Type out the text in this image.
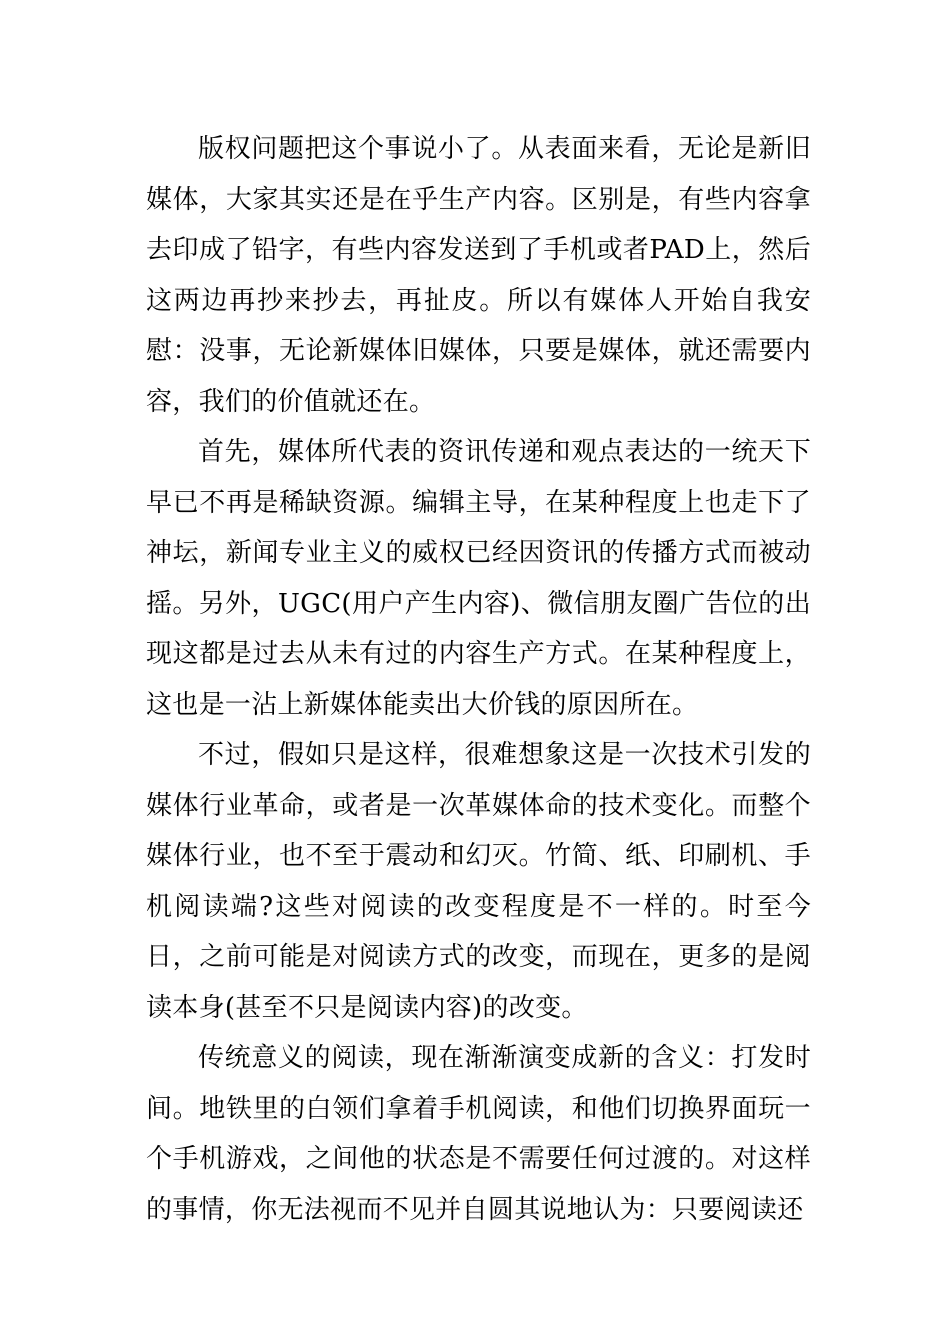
版权问题把这个事说小了。从表面来看，无论是新旧媒体，大家其实还是在乎生产内容。区别是，有些内容拿去印成了铅字，有些内容发送到了手机或者PAD上，然后这两边再抄来抄去，再扯皮。所以有媒体人开始自我安慰：没事，无论新媒体旧媒体，只要是媒体，就还需要内容，我们的价值就还在。

首先，媒体所代表的资讯传递和观点表达的一统天下早已不再是稀缺资源。编辑主导，在某种程度上也走下了神坛，新闻专业主义的威权已经因资讯的传播方式而被动摇。另外，UGC(用户产生内容)、微信朋友圈广告位的出现这都是过去从未有过的内容生产方式。在某种程度上，这也是一沾上新媒体能卖出大价钱的原因所在。

不过，假如只是这样，很难想象这是一次技术引发的媒体行业革命，或者是一次革媒体命的技术变化。而整个媒体行业，也不至于震动和幻灭。竹简、纸、印刷机、手机阅读端?这些对阅读的改变程度是不一样的。时至今日，之前可能是对阅读方式的改变，而现在，更多的是阅读本身(甚至不只是阅读内容)的改变。

传统意义的阅读，现在渐渐演变成新的含义：打发时间。地铁里的白领们拿着手机阅读，和他们切换界面玩一个手机游戏，之间他的状态是不需要任何过渡的。对这样的事情，你无法视而不见并自圆其说地认为：只要阅读还
